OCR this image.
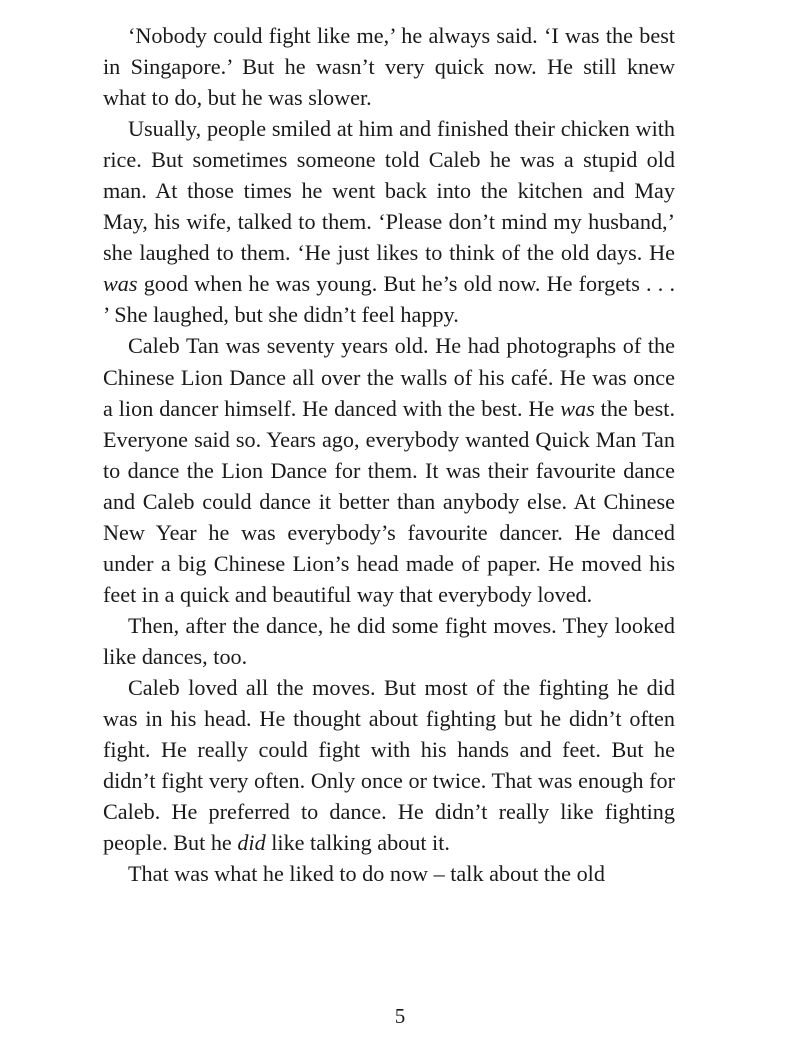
‘Nobody could fight like me,’ he always said. ‘I was the best in Singapore.’ But he wasn’t very quick now. He still knew what to do, but he was slower.

Usually, people smiled at him and finished their chicken with rice. But sometimes someone told Caleb he was a stupid old man. At those times he went back into the kitchen and May May, his wife, talked to them. ‘Please don’t mind my husband,’ she laughed to them. ‘He just likes to think of the old days. He was good when he was young. But he’s old now. He forgets . . . ’ She laughed, but she didn’t feel happy.

Caleb Tan was seventy years old. He had photographs of the Chinese Lion Dance all over the walls of his café. He was once a lion dancer himself. He danced with the best. He was the best. Everyone said so. Years ago, everybody wanted Quick Man Tan to dance the Lion Dance for them. It was their favourite dance and Caleb could dance it better than anybody else. At Chinese New Year he was everybody’s favourite dancer. He danced under a big Chinese Lion’s head made of paper. He moved his feet in a quick and beautiful way that everybody loved.

Then, after the dance, he did some fight moves. They looked like dances, too.

Caleb loved all the moves. But most of the fighting he did was in his head. He thought about fighting but he didn’t often fight. He really could fight with his hands and feet. But he didn’t fight very often. Only once or twice. That was enough for Caleb. He preferred to dance. He didn’t really like fighting people. But he did like talking about it.

That was what he liked to do now – talk about the old

5
